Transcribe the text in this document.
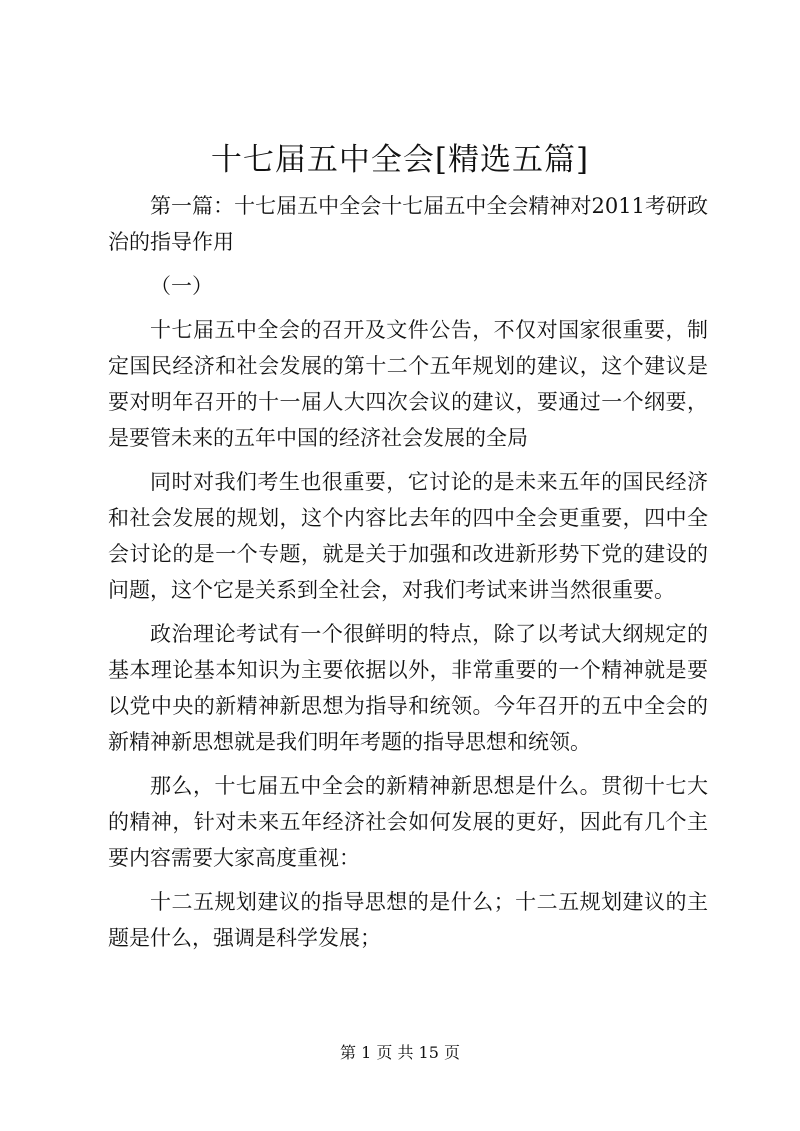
十七届五中全会[精选五篇]

第一篇：十七届五中全会十七届五中全会精神对2011考研政治的指导作用

（一）

十七届五中全会的召开及文件公告，不仅对国家很重要，制定国民经济和社会发展的第十二个五年规划的建议，这个建议是要对明年召开的十一届人大四次会议的建议，要通过一个纲要，是要管未来的五年中国的经济社会发展的全局

同时对我们考生也很重要，它讨论的是未来五年的国民经济和社会发展的规划，这个内容比去年的四中全会更重要，四中全会讨论的是一个专题，就是关于加强和改进新形势下党的建设的问题，这个它是关系到全社会，对我们考试来讲当然很重要。

政治理论考试有一个很鲜明的特点，除了以考试大纲规定的基本理论基本知识为主要依据以外，非常重要的一个精神就是要以党中央的新精神新思想为指导和统领。今年召开的五中全会的新精神新思想就是我们明年考题的指导思想和统领。

那么，十七届五中全会的新精神新思想是什么。贯彻十七大的精神，针对未来五年经济社会如何发展的更好，因此有几个主要内容需要大家高度重视：

十二五规划建议的指导思想的是什么；十二五规划建议的主题是什么，强调是科学发展；

第 1 页 共 15 页
